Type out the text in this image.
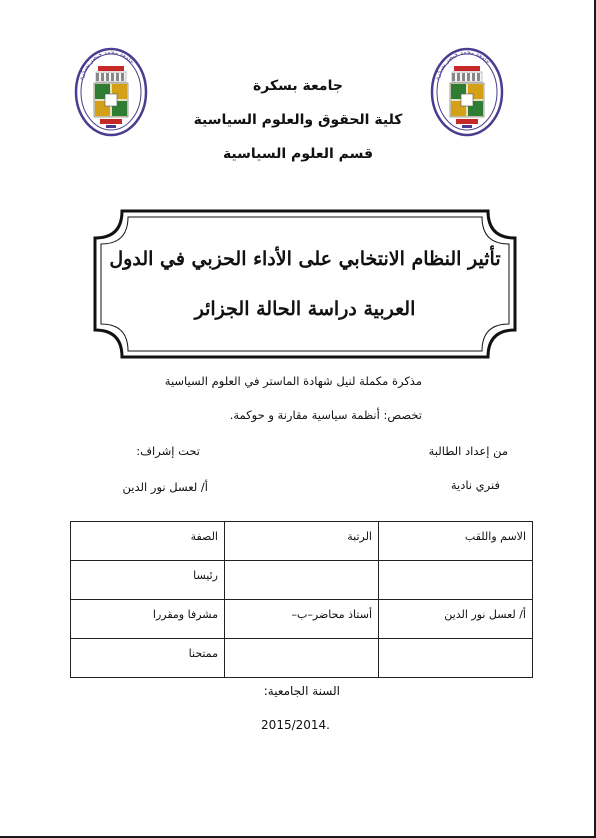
جامعة محمد خيضر بسكرة
جامعة محمد خيضر بسكرة
جامعة بسكرة
كلية الحقوق والعلوم السياسية
قسم العلوم السياسية
تأثير النظام الانتخابي على الأداء الحزبي في الدول
العربية دراسة الحالة الجزائر
مذكرة مكملة لنيل شهادة الماستر في العلوم السياسية
تخصص: أنظمة سياسية مقارنة و حوكمة.
من إعداد الطالبة
تحت إشراف:
فنري نادية
أ/ لعسل نور الدين
الاسم واللقب	الرتبة	الصفة
		رئيسا
أ/ لعسل نور الدين	أستاذ محاضر–ب–	مشرفا ومقررا
		ممتحنا
السنة الجامعية:
.2015/2014
